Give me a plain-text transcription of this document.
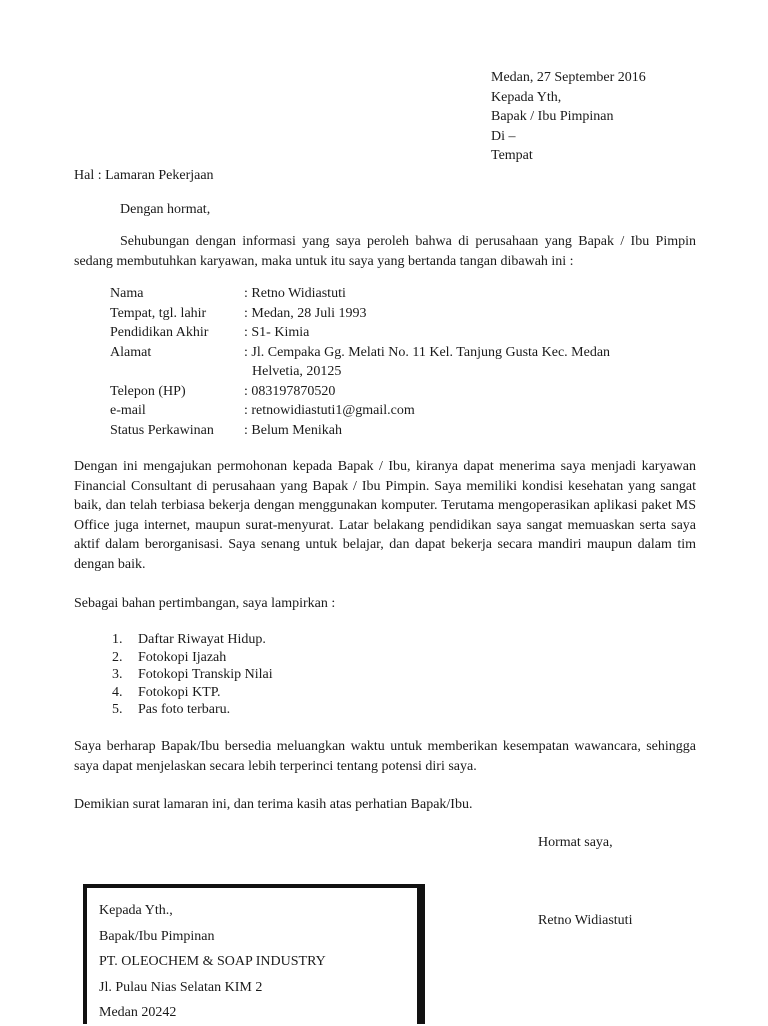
Medan, 27 September 2016
Kepada Yth,
Bapak / Ibu Pimpinan
Di –
Tempat
Hal : Lamaran Pekerjaan
Dengan hormat,
Sehubungan dengan informasi yang saya peroleh bahwa di perusahaan yang Bapak / Ibu Pimpin sedang membutuhkan karyawan, maka untuk itu saya yang bertanda tangan dibawah ini :
Nama	: Retno Widiastuti
Tempat, tgl. lahir	: Medan, 28 Juli 1993
Pendidikan Akhir	: S1- Kimia
Alamat	: Jl. Cempaka Gg. Melati No. 11 Kel. Tanjung Gusta Kec. Medan
Helvetia, 20125
Telepon (HP)	: 083197870520
e-mail	: retnowidiastuti1@gmail.com
Status Perkawinan	: Belum Menikah
Dengan ini mengajukan permohonan kepada Bapak / Ibu, kiranya dapat menerima saya menjadi karyawan Financial Consultant di perusahaan yang Bapak / Ibu Pimpin. Saya memiliki kondisi kesehatan yang sangat baik, dan telah terbiasa bekerja dengan menggunakan komputer. Terutama mengoperasikan aplikasi paket MS Office juga internet, maupun surat-menyurat. Latar belakang pendidikan saya sangat memuaskan serta saya aktif dalam berorganisasi. Saya senang untuk belajar, dan dapat bekerja secara mandiri maupun dalam tim dengan baik.
Sebagai bahan pertimbangan, saya lampirkan :
1.	Daftar Riwayat Hidup.
2.	Fotokopi Ijazah
3.	Fotokopi Transkip Nilai
4.	Fotokopi KTP.
5.	Pas foto terbaru.
Saya berharap Bapak/Ibu bersedia meluangkan waktu untuk memberikan kesempatan wawancara, sehingga saya dapat menjelaskan secara lebih terperinci tentang potensi diri saya.
Demikian surat lamaran ini, dan terima kasih atas perhatian Bapak/Ibu.
Hormat saya,
Retno Widiastuti
Kepada Yth.,
Bapak/Ibu Pimpinan
PT. OLEOCHEM & SOAP INDUSTRY
Jl. Pulau Nias Selatan KIM 2
Medan 20242
